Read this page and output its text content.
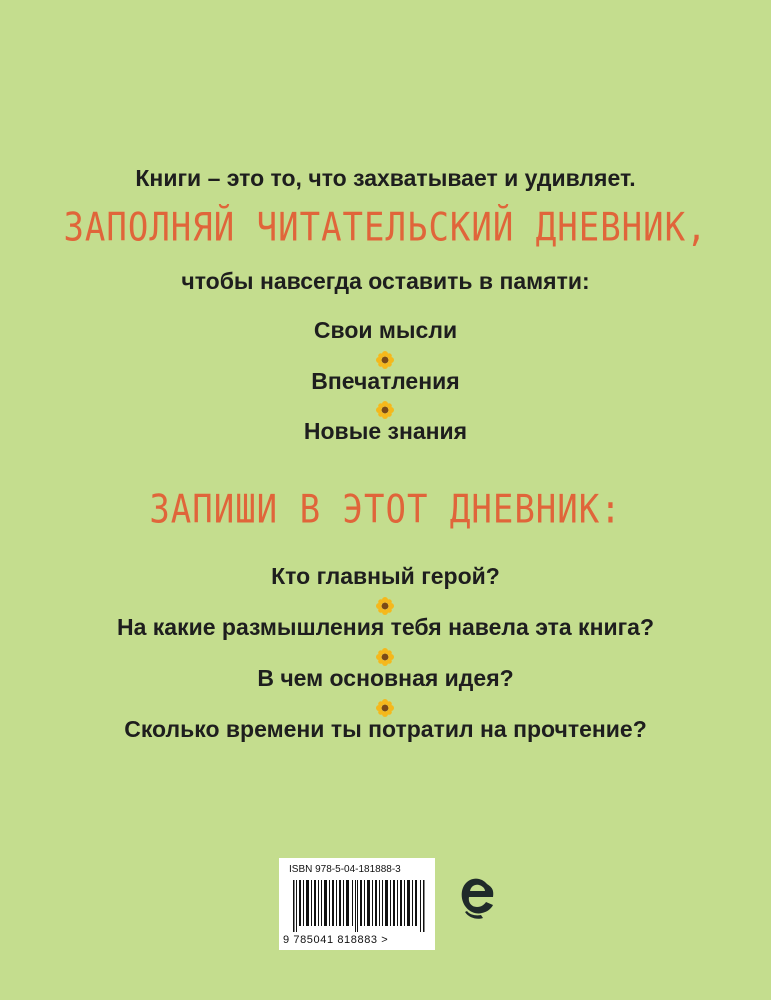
Книги – это то, что захватывает и удивляет.
ЗАПОЛНЯЙ ЧИТАТЕЛЬСКИЙ ДНЕВНИК,
чтобы навсегда оставить в памяти:
Свои мысли
Впечатления
Новые знания
ЗАПИШИ В ЭТОТ ДНЕВНИК:
Кто главный герой?
На какие размышления тебя навела эта книга?
В чем основная идея?
Сколько времени ты потратил на прочтение?
ISBN 978-5-04-181888-3
9 785041 818883 >
